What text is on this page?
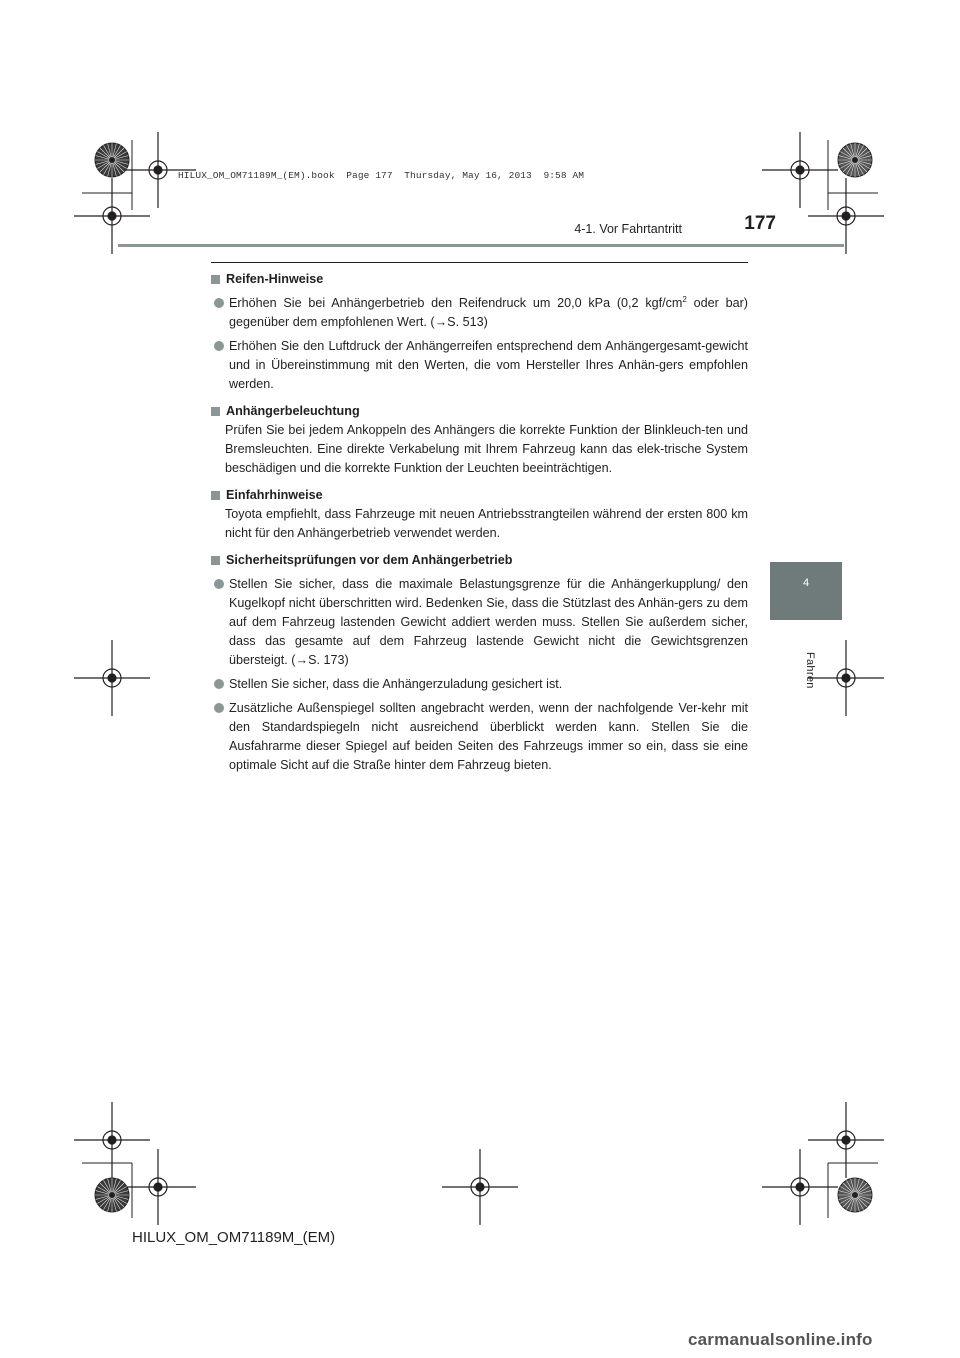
HILUX_OM_OM71189M_(EM).book  Page 177  Thursday, May 16, 2013  9:58 AM
4-1. Vor Fahrtantritt	177
4
Fahren
Reifen-Hinweise
Erhöhen Sie bei Anhängerbetrieb den Reifendruck um 20,0 kPa (0,2 kgf/$cm^2$ oder bar) gegenüber dem empfohlenen Wert. (→S. 513)
Erhöhen Sie den Luftdruck der Anhängerreifen entsprechend dem Anhängergesamt-gewicht und in Übereinstimmung mit den Werten, die vom Hersteller Ihres Anhän-gers empfohlen werden.
Anhängerbeleuchtung
Prüfen Sie bei jedem Ankoppeln des Anhängers die korrekte Funktion der Blinkleuch-ten und Bremsleuchten. Eine direkte Verkabelung mit Ihrem Fahrzeug kann das elek-trische System beschädigen und die korrekte Funktion der Leuchten beeinträchtigen.
Einfahrhinweise
Toyota empfiehlt, dass Fahrzeuge mit neuen Antriebsstrangteilen während der ersten 800 km nicht für den Anhängerbetrieb verwendet werden.
Sicherheitsprüfungen vor dem Anhängerbetrieb
Stellen Sie sicher, dass die maximale Belastungsgrenze für die Anhängerkupplung/ den Kugelkopf nicht überschritten wird. Bedenken Sie, dass die Stützlast des Anhän-gers zu dem auf dem Fahrzeug lastenden Gewicht addiert werden muss. Stellen Sie außerdem sicher, dass das gesamte auf dem Fahrzeug lastende Gewicht nicht die Gewichtsgrenzen übersteigt. (→S. 173)
Stellen Sie sicher, dass die Anhängerzuladung gesichert ist.
Zusätzliche Außenspiegel sollten angebracht werden, wenn der nachfolgende Ver-kehr mit den Standardspiegeln nicht ausreichend überblickt werden kann. Stellen Sie die Ausfahrarme dieser Spiegel auf beiden Seiten des Fahrzeugs immer so ein, dass sie eine optimale Sicht auf die Straße hinter dem Fahrzeug bieten.
HILUX_OM_OM71189M_(EM)
carmanualsonline.info
